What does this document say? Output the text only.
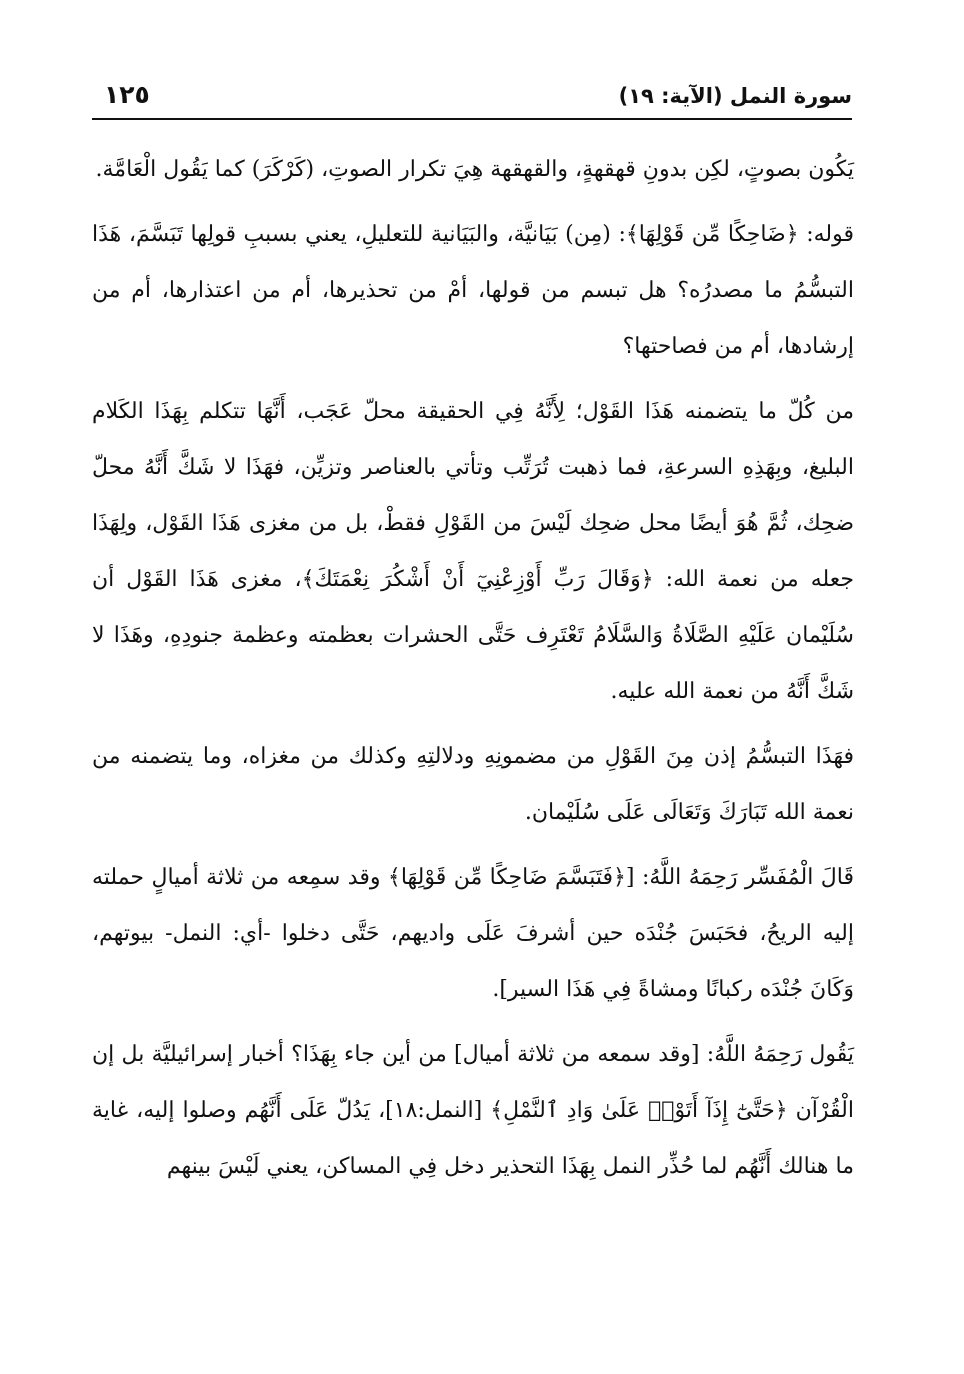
سورة النمل (الآية: ١٩)
١٢٥

يَكُون بصوتٍ، لكِن بدونِ قهقهةٍ، والقهقهة هِيَ تكرار الصوتِ، (كَرْكَرَ) كما يَقُول الْعَامَّة.

قوله: ﴿ضَاحِكًا مِّن قَوْلِهَا﴾: (مِن) بَيَانيَّة، والبَيَانية للتعليلِ، يعني بسببِ قولِها تَبَسَّمَ، هَذَا التبسُّمُ ما مصدرُه؟ هل تبسم من قولها، أمْ من تحذيرها، أم من اعتذارها، أم من إرشادها، أم من فصاحتها؟

من كُلّ ما يتضمنه هَذَا القَوْل؛ لِأَنَّهُ فِي الحقيقة محلّ عَجَب، أَنَّهَا تتكلم بِهَذَا الكَلام البليغ، وبِهَذِهِ السرعةِ، فما ذهبت تُرَتِّب وتأتي بالعناصر وتزيِّن، فهَذَا لا شَكَّ أَنَّهُ محلّ ضحِك، ثُمَّ هُوَ أيضًا محل ضحِك لَيْسَ من القَوْلِ فقطْ، بل من مغزى هَذَا القَوْل، ولِهَذَا جعله من نعمة الله: ﴿وَقَالَ رَبِّ أَوْزِعْنِيٓ أَنْ أَشْكُرَ نِعْمَتَكَ﴾، مغزى هَذَا القَوْل أن سُلَيْمان عَلَيْهِ الصَّلَاةُ وَالسَّلَامُ تَعْتَرِف حَتَّى الحشرات بعظمته وعظمة جنودِهِ، وهَذَا لا شَكَّ أَنَّهُ من نعمة الله عليه.

فهَذَا التبسُّمُ إذن مِنَ القَوْلِ من مضمونِهِ ودلالتِهِ وكذلك من مغزاه، وما يتضمنه من نعمة الله تَبَارَكَ وَتَعَالَى عَلَى سُلَيْمان.

قَالَ الْمُفَسِّر رَحِمَهُ اللَّهُ: [﴿فَتَبَسَّمَ ضَاحِكًا مِّن قَوْلِهَا﴾ وقد سمِعه من ثلاثة أميالٍ حملته إليه الريحُ، فحَبَسَ جُنْدَه حين أشرفَ عَلَى واديهم، حَتَّى دخلوا -أي: النمل- بيوتهم، وَكَانَ جُنْدَه ركبانًا ومشاةً فِي هَذَا السير].

يَقُول رَحِمَهُ اللَّهُ: [وقد سمعه من ثلاثة أميال] من أين جاء بِهَذَا؟ أخبار إسرائيليَّة بل إن الْقُرْآن ﴿حَتَّىٰٓ إِذَآ أَتَوْا۟ عَلَىٰ وَادِ ٱلنَّمْلِ﴾ [النمل:١٨]، يَدُلّ عَلَى أَنَّهُم وصلوا إليه، غاية ما هنالك أَنَّهُم لما حُذِّر النمل بِهَذَا التحذير دخل فِي المساكن، يعني لَيْسَ بينهم
